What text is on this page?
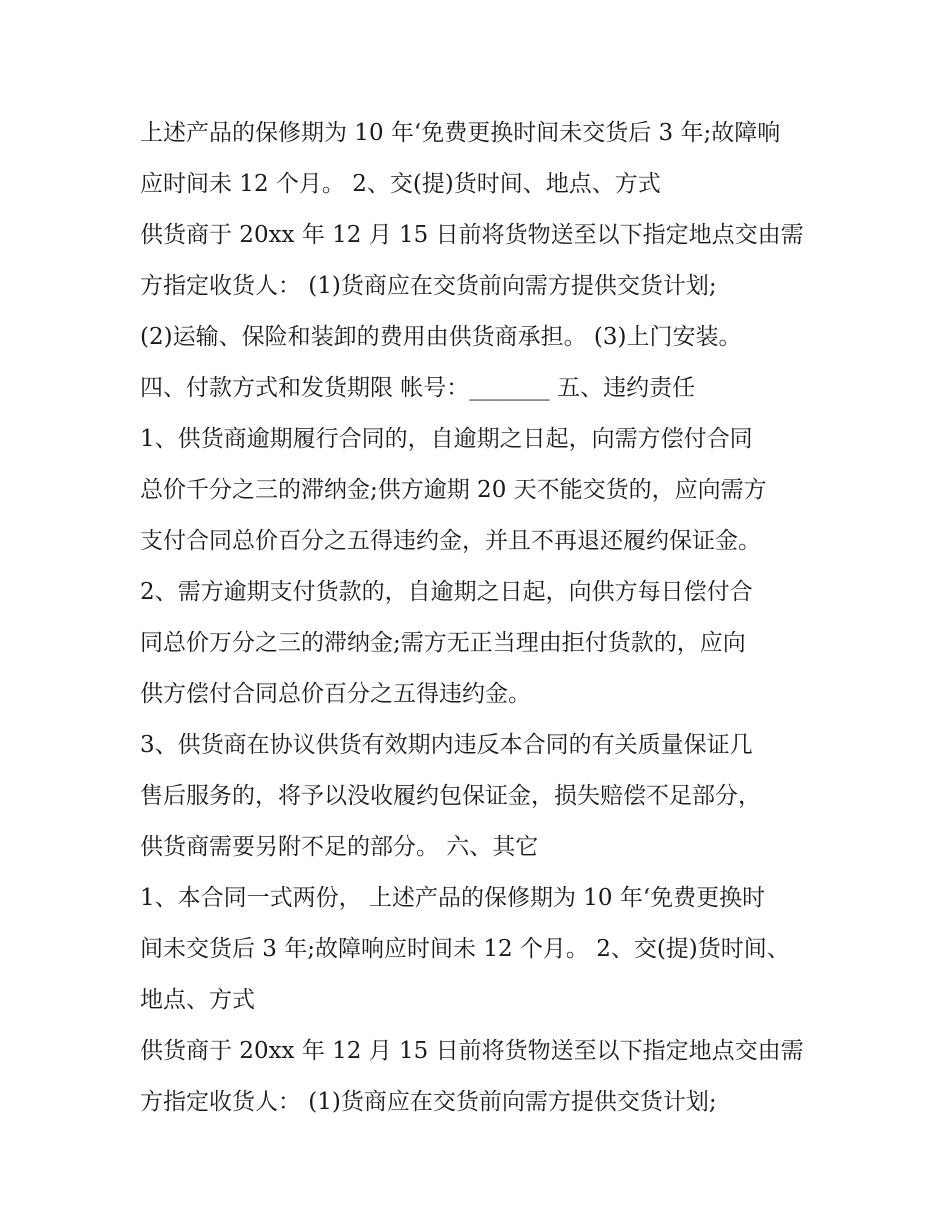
上述产品的保修期为 10 年‘免费更换时间未交货后 3 年;故障响

应时间未 12 个月。 2、交(提)货时间、地点、方式

供货商于 20xx 年 12 月 15 日前将货物送至以下指定地点交由需

方指定收货人： (1)货商应在交货前向需方提供交货计划;

(2)运输、保险和装卸的费用由供货商承担。 (3)上门安装。

四、付款方式和发货期限 帐号：_______ 五、违约责任

1、供货商逾期履行合同的，自逾期之日起，向需方偿付合同

总价千分之三的滞纳金;供方逾期 20 天不能交货的，应向需方

支付合同总价百分之五得违约金，并且不再退还履约保证金。

2、需方逾期支付货款的，自逾期之日起，向供方每日偿付合

同总价万分之三的滞纳金;需方无正当理由拒付货款的，应向

供方偿付合同总价百分之五得违约金。

3、供货商在协议供货有效期内违反本合同的有关质量保证几

售后服务的，将予以没收履约包保证金，损失赔偿不足部分，

供货商需要另附不足的部分。 六、其它

1、本合同一式两份， 上述产品的保修期为 10 年‘免费更换时

间未交货后 3 年;故障响应时间未 12 个月。 2、交(提)货时间、

地点、方式

供货商于 20xx 年 12 月 15 日前将货物送至以下指定地点交由需

方指定收货人： (1)货商应在交货前向需方提供交货计划;
